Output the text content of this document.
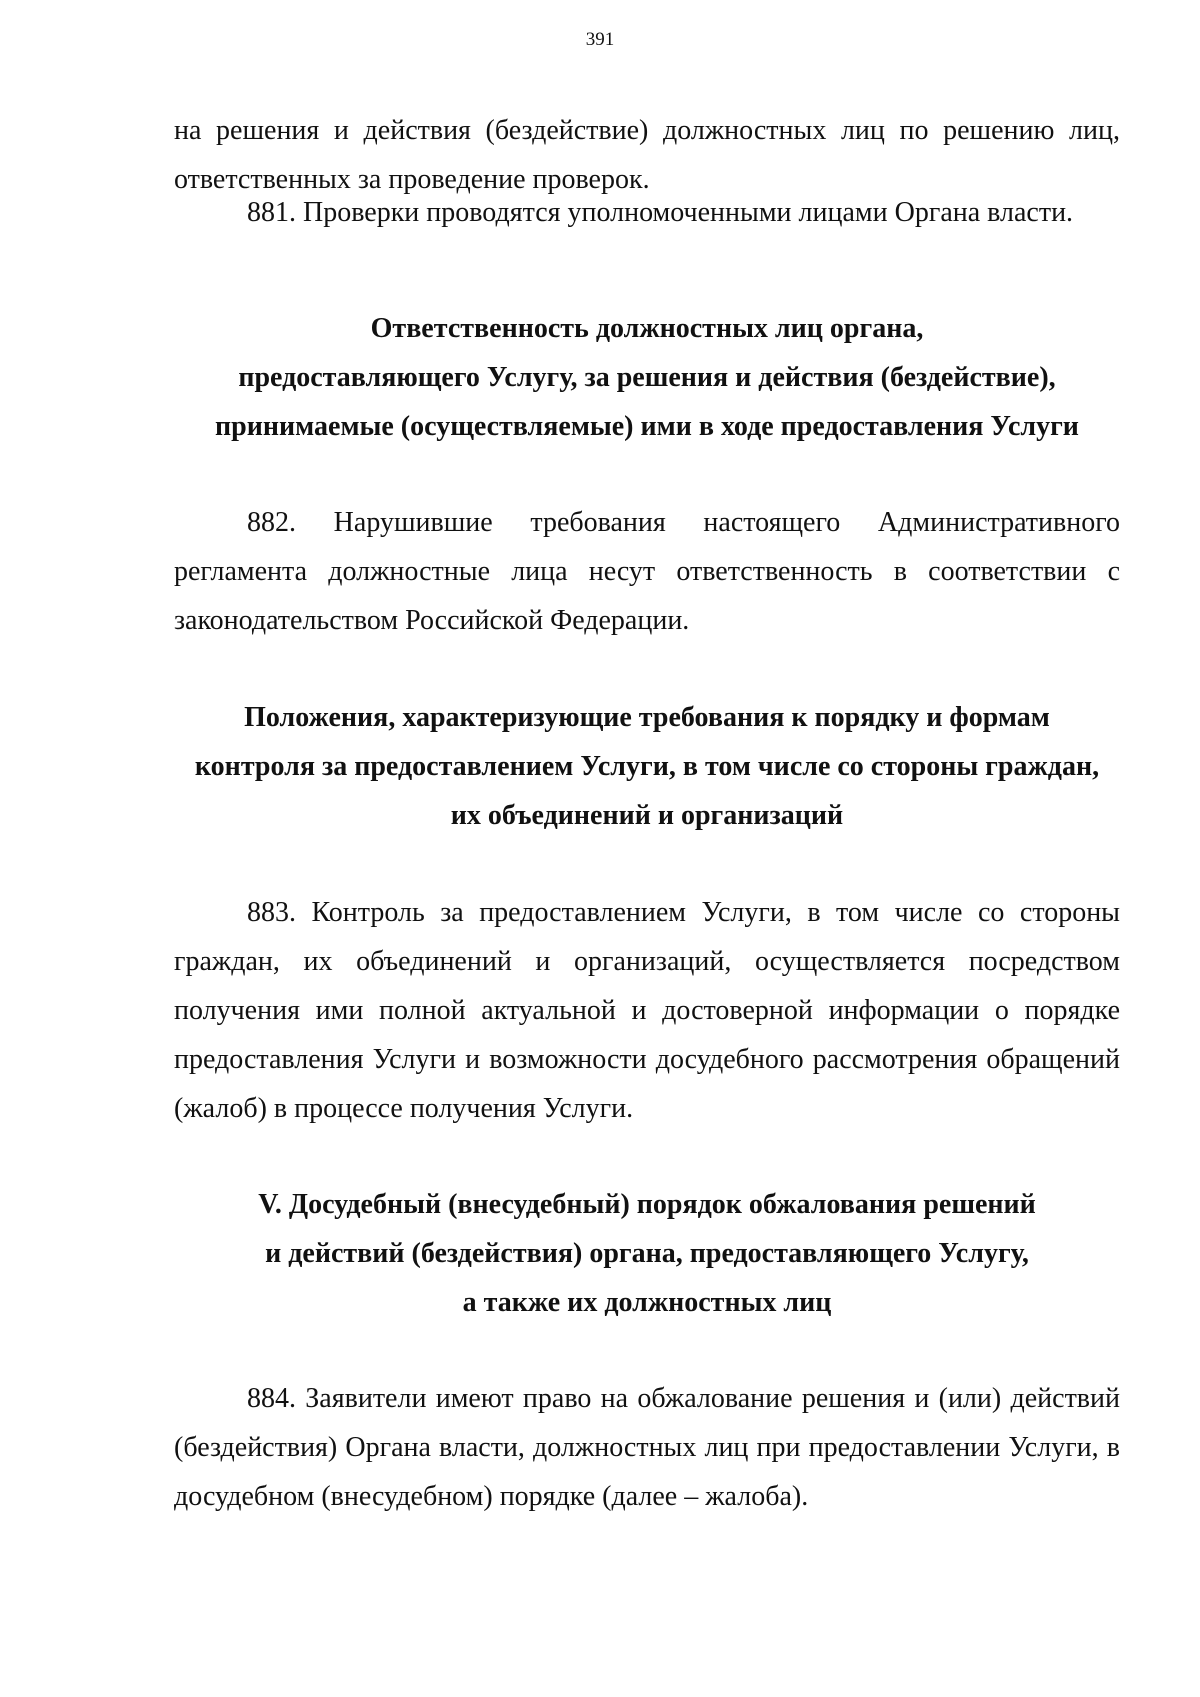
391

на решения и действия (бездействие) должностных лиц по решению лиц, ответственных за проведение проверок.

881. Проверки проводятся уполномоченными лицами Органа власти.

Ответственность должностных лиц органа,
предоставляющего Услугу, за решения и действия (бездействие),
принимаемые (осуществляемые) ими в ходе предоставления Услуги

882. Нарушившие требования настоящего Административного регламента должностные лица несут ответственность в соответствии с законодательством Российской Федерации.

Положения, характеризующие требования к порядку и формам
контроля за предоставлением Услуги, в том числе со стороны граждан,
их объединений и организаций

883. Контроль за предоставлением Услуги, в том числе со стороны граждан, их объединений и организаций, осуществляется посредством получения ими полной актуальной и достоверной информации о порядке предоставления Услуги и возможности досудебного рассмотрения обращений (жалоб) в процессе получения Услуги.

V. Досудебный (внесудебный) порядок обжалования решений
и действий (бездействия) органа, предоставляющего Услугу,
а также их должностных лиц

884. Заявители имеют право на обжалование решения и (или) действий (бездействия) Органа власти, должностных лиц при предоставлении Услуги, в досудебном (внесудебном) порядке (далее – жалоба).
